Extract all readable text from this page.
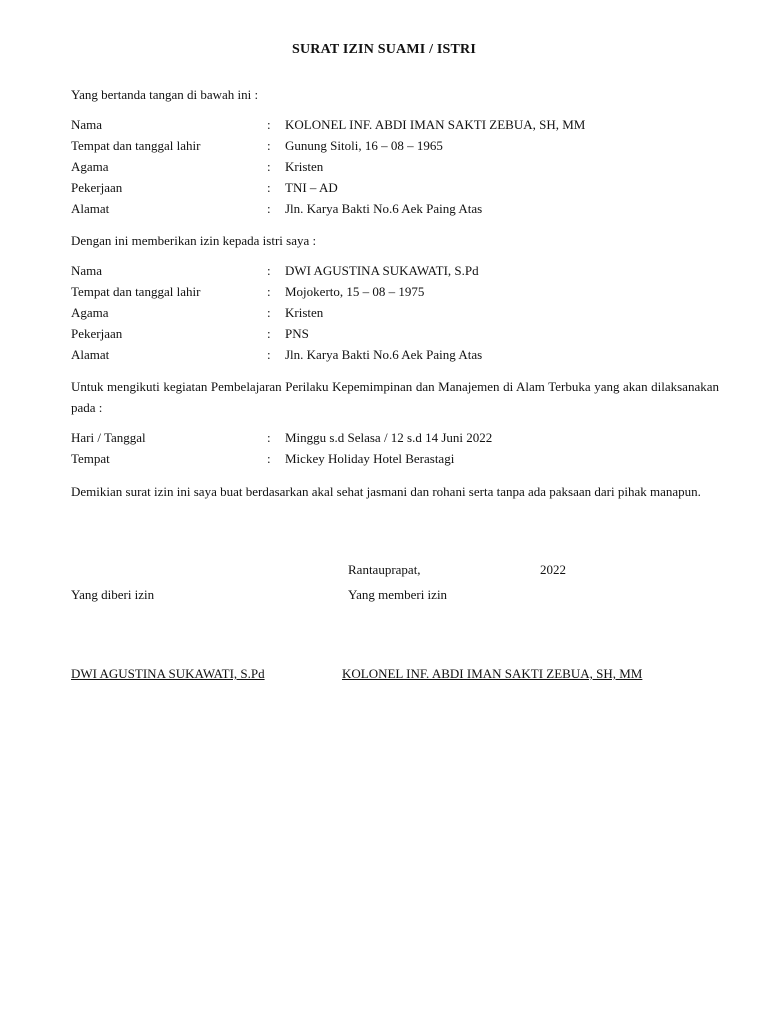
SURAT IZIN SUAMI / ISTRI
Yang bertanda tangan di bawah ini :
Nama	: KOLONEL INF. ABDI IMAN SAKTI ZEBUA, SH, MM
Tempat dan tanggal lahir	: Gunung Sitoli, 16 – 08 – 1965
Agama	: Kristen
Pekerjaan	: TNI – AD
Alamat	: Jln. Karya Bakti No.6 Aek Paing Atas
Dengan ini memberikan izin kepada istri saya :
Nama	: DWI AGUSTINA SUKAWATI, S.Pd
Tempat dan tanggal lahir	: Mojokerto, 15 – 08 – 1975
Agama	: Kristen
Pekerjaan	: PNS
Alamat	: Jln. Karya Bakti No.6 Aek Paing Atas
Untuk mengikuti kegiatan Pembelajaran Perilaku Kepemimpinan dan Manajemen di Alam Terbuka yang akan dilaksanakan pada :
Hari / Tanggal	: Minggu s.d Selasa / 12 s.d 14 Juni 2022
Tempat	: Mickey Holiday Hotel Berastagi
Demikian surat izin ini saya buat berdasarkan akal sehat jasmani dan rohani serta tanpa ada paksaan dari pihak manapun.
Rantauprapat,	2022
Yang diberi izin	Yang memberi izin
DWI AGUSTINA SUKAWATI, S.Pd	KOLONEL INF. ABDI IMAN SAKTI ZEBUA, SH, MM
